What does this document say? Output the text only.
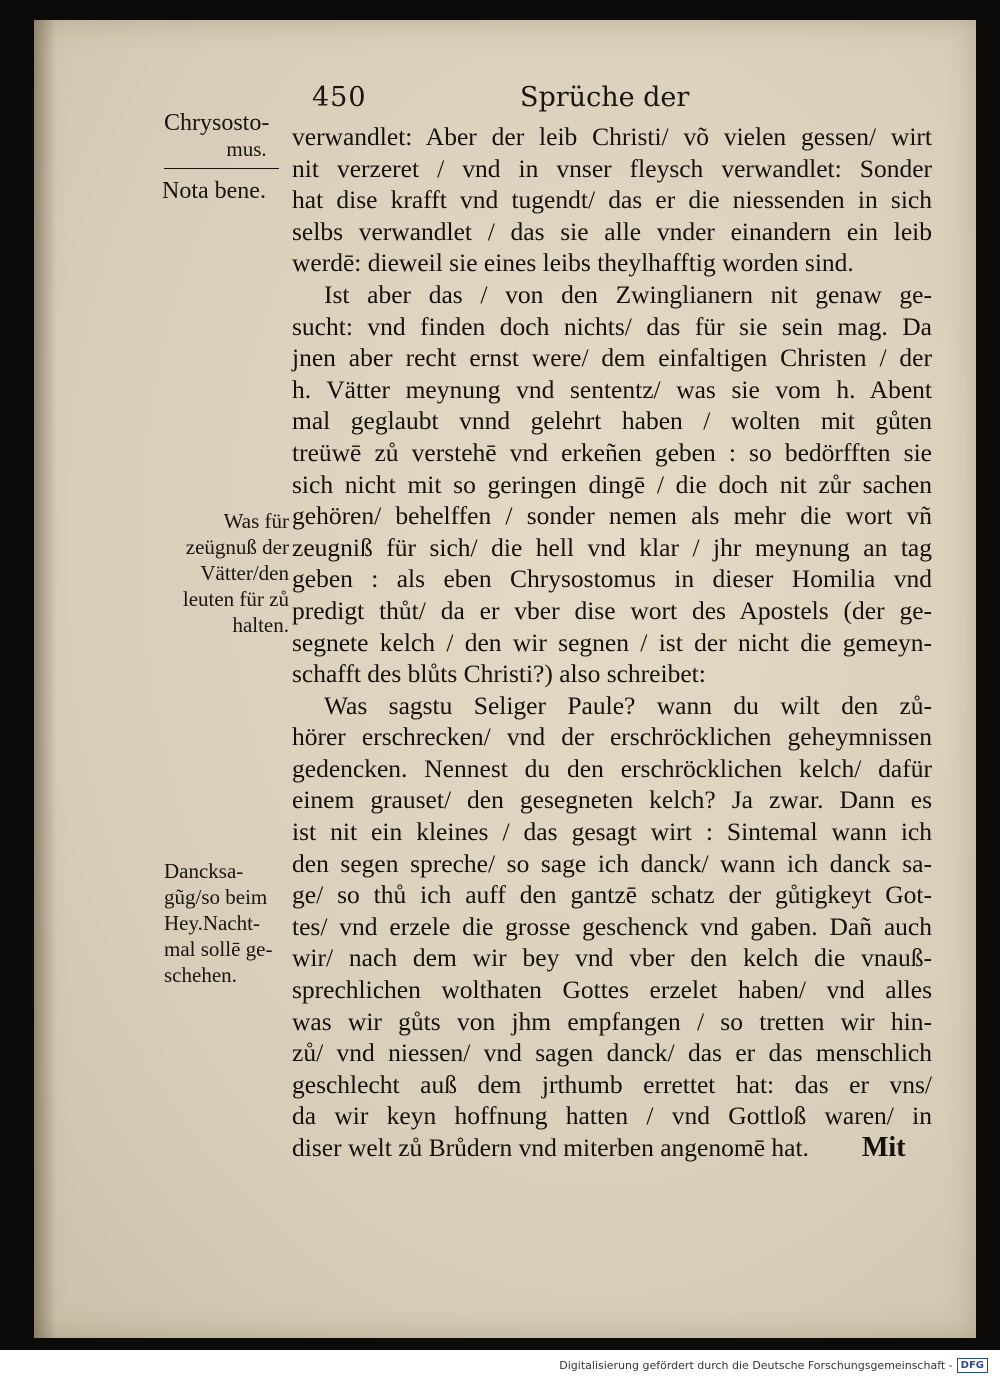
450	Sprüche der
Chrysosto-
mus.
Nota bene.
Was für
zeügnuß der
Vätter/den
leuten für zů
halten.
Dancksa-
gũg/so beim
Hey.Nacht-
mal sollē ge-
schehen.
verwandlet: Aber der leib Christi/ võ vielen gessen/ wirt
nit verzeret / vnd in vnser fleysch verwandlet: Sonder
hat dise krafft vnd tugendt/ das er die niessenden in sich
selbs verwandlet / das sie alle vnder einandern ein leib
werdē: dieweil sie eines leibs theylhafftig worden sind.
Ist aber das / von den Zwinglianern nit genaw ge-
sucht: vnd finden doch nichts/ das für sie sein mag. Da
jnen aber recht ernst were/ dem einfaltigen Christen / der
h. Vätter meynung vnd sententz/ was sie vom h. Abent
mal geglaubt vnnd gelehrt haben / wolten mit gůten
treüwē zů verstehē vnd erkeñen geben : so bedörfften sie
sich nicht mit so geringen dingē / die doch nit zůr sachen
gehören/ behelffen / sonder nemen als mehr die wort vñ
zeugniß für sich/ die hell vnd klar / jhr meynung an tag
geben : als eben Chrysostomus in dieser Homilia vnd
predigt thůt/ da er vber dise wort des Apostels (der ge-
segnete kelch / den wir segnen / ist der nicht die gemeyn-
schafft des blůts Christi?) also schreibet:
Was sagstu Seliger Paule? wann du wilt den zů-
hörer erschrecken/ vnd der erschröcklichen geheymnissen
gedencken. Nennest du den erschröcklichen kelch/ dafür
einem grauset/ den gesegneten kelch? Ja zwar. Dann es
ist nit ein kleines / das gesagt wirt : Sintemal wann ich
den segen spreche/ so sage ich danck/ wann ich danck sa-
ge/ so thů ich auff den gantzē schatz der gůtigkeyt Got-
tes/ vnd erzele die grosse geschenck vnd gaben. Dañ auch
wir/ nach dem wir bey vnd vber den kelch die vnauß-
sprechlichen wolthaten Gottes erzelet haben/ vnd alles
was wir gůts von jhm empfangen / so tretten wir hin-
zů/ vnd niessen/ vnd sagen danck/ das er das menschlich
geschlecht auß dem jrthumb errettet hat: das er vns/
da wir keyn hoffnung hatten / vnd Gottloß waren/ in
diser welt zů Brůdern vnd miterben angenomē hat.	Mit
Digitalisierung gefördert durch die Deutsche Forschungsgemeinschaft - DFG
